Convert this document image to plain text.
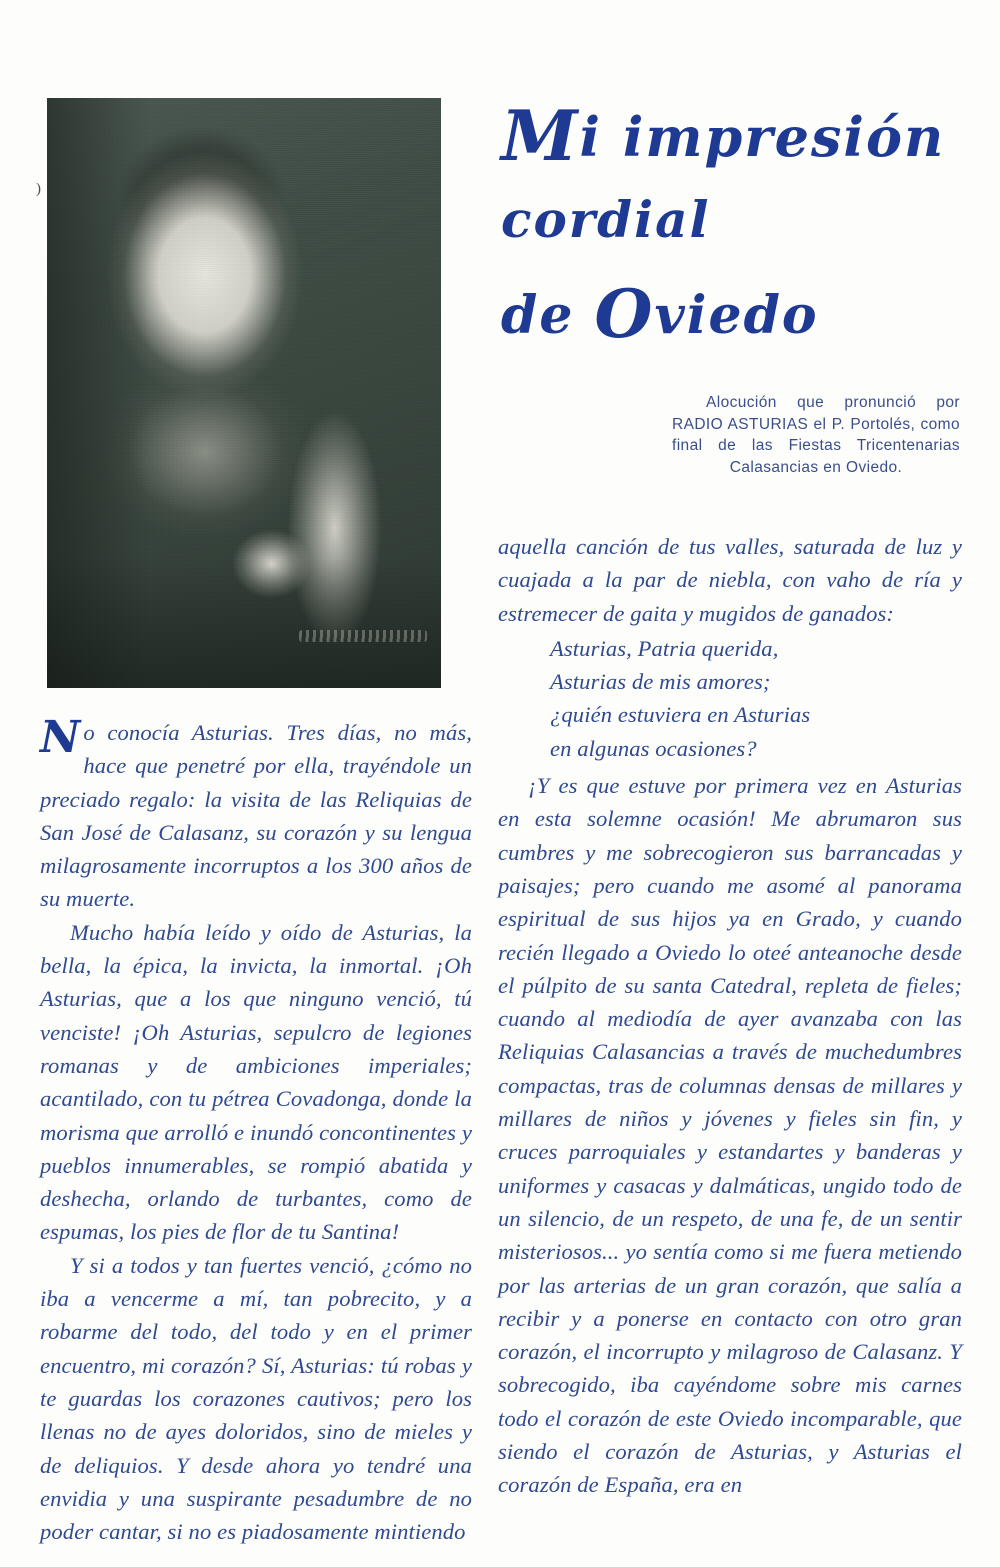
)
Mi impresión
cordial
de Oviedo
Alocución que pronunció por RADIO ASTURIAS el P. Portolés, como final de las Fiestas Tricentenarias Calasancias en Oviedo.

No conocía Asturias. Tres días, no más, hace que penetré por ella, trayéndole un preciado regalo: la visita de las Reliquias de San José de Calasanz, su corazón y su lengua milagrosamente incorruptos a los 300 años de su muerte.

Mucho había leído y oído de Asturias, la bella, la épica, la invicta, la inmortal. ¡Oh Asturias, que a los que ninguno venció, tú venciste! ¡Oh Asturias, sepulcro de legiones romanas y de ambiciones imperiales; acantilado, con tu pétrea Covadonga, donde la morisma que arrolló e inundó concontinentes y pueblos innumerables, se rompió abatida y deshecha, orlando de turbantes, como de espumas, los pies de flor de tu Santina!

Y si a todos y tan fuertes venció, ¿cómo no iba a vencerme a mí, tan pobrecito, y a robarme del todo, del todo y en el primer encuentro, mi corazón? Sí, Asturias: tú robas y te guardas los corazones cautivos; pero los llenas no de ayes doloridos, sino de mieles y de deliquios. Y desde ahora yo tendré una envidia y una suspirante pesadumbre de no poder cantar, si no es piadosamente mintiendo

aquella canción de tus valles, saturada de luz y cuajada a la par de niebla, con vaho de ría y estremecer de gaita y mugidos de ganados:

Asturias, Patria querida,
Asturias de mis amores;
¿quién estuviera en Asturias
en algunas ocasiones?

¡Y es que estuve por primera vez en Asturias en esta solemne ocasión! Me abrumaron sus cumbres y me sobrecogieron sus barrancadas y paisajes; pero cuando me asomé al panorama espiritual de sus hijos ya en Grado, y cuando recién llegado a Oviedo lo oteé anteanoche desde el púlpito de su santa Catedral, repleta de fieles; cuando al mediodía de ayer avanzaba con las Reliquias Calasancias a través de muchedumbres compactas, tras de columnas densas de millares y millares de niños y jóvenes y fieles sin fin, y cruces parroquiales y estandartes y banderas y uniformes y casacas y dalmáticas, ungido todo de un silencio, de un respeto, de una fe, de un sentir misteriosos... yo sentía como si me fuera metiendo por las arterias de un gran corazón, que salía a recibir y a ponerse en contacto con otro gran corazón, el incorrupto y milagroso de Calasanz. Y sobrecogido, iba cayéndome sobre mis carnes todo el corazón de este Oviedo incomparable, que siendo el corazón de Asturias, y Asturias el corazón de España, era en
